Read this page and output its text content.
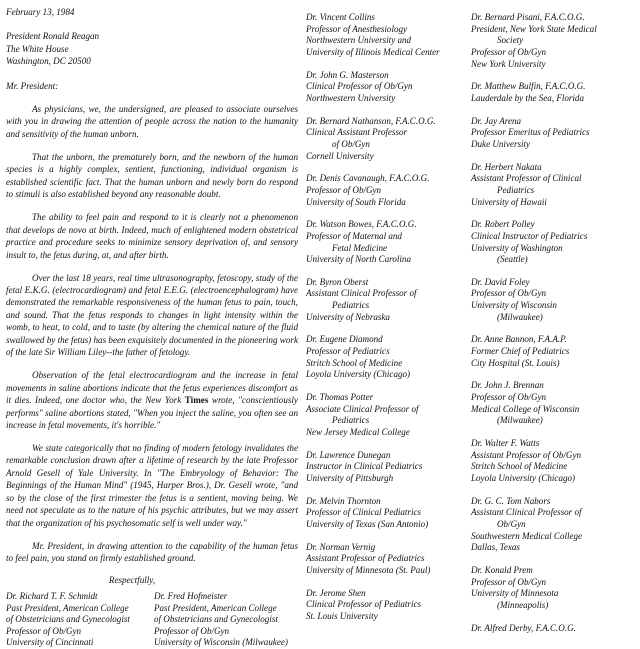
February 13, 1984

President Ronald Reagan
The White House
Washington, DC 20500

Mr. President:

As physicians, we, the undersigned, are pleased to associate ourselves with you in drawing the attention of people across the nation to the humanity and sensitivity of the human unborn.

That the unborn, the prematurely born, and the newborn of the human species is a highly complex, sentient, functioning, individual organism is established scientific fact. That the human unborn and newly born do respond to stimuli is also established beyond any reasonable doubt.

The ability to feel pain and respond to it is clearly not a phenomenon that develops de novo at birth. Indeed, much of enlightened modern obstetrical practice and procedure seeks to minimize sensory deprivation of, and sensory insult to, the fetus during, at, and after birth.

Over the last 18 years, real time ultrasonography, fetoscopy, study of the fetal E.K.G. (electrocardiogram) and fetal E.E.G. (electroencephalogram) have demonstrated the remarkable responsiveness of the human fetus to pain, touch, and sound. That the fetus responds to changes in light intensity within the womb, to heat, to cold, and to taste (by altering the chemical nature of the fluid swallowed by the fetus) has been exquisitely documented in the pioneering work of the late Sir William Liley--the father of fetology.

Observation of the fetal electrocardiogram and the increase in fetal movements in saline abortions indicate that the fetus experiences discomfort as it dies. Indeed, one doctor who, the New York Times wrote, "conscientiously performs" saline abortions stated, "When you inject the saline, you often see an increase in fetal movements, it's horrible."

We state categorically that no finding of modern fetology invalidates the remarkable conclusion drawn after a lifetime of research by the late Professor Arnold Gesell of Yale University. In "The Embryology of Behavior: The Beginnings of the Human Mind" (1945, Harper Bros.), Dr. Gesell wrote, "and so by the close of the first trimester the fetus is a sentient, moving being. We need not speculate as to the nature of his psychic attributes, but we may assert that the organization of his psychosomatic self is well under way."

Mr. President, in drawing attention to the capability of the human fetus to feel pain, you stand on firmly established ground.

Respectfully,

Dr. Richard T. F. Schmidt
Past President, American College
of Obstetricians and Gynecologist
Professor of Ob/Gyn
University of Cincinnati
Dr. Fred Hofmeister
Past President, American College
of Obstetricians and Gynecologist
Professor of Ob/Gyn
University of Wisconsin (Milwaukee)
Dr. Vincent Collins
Professor of Anesthesiology
Northwestern University and
University of Illinois Medical Center
Dr. John G. Masterson
Clinical Professor of Ob/Gyn
Northwestern University
Dr. Bernard Nathanson, F.A.C.O.G.
Clinical Assistant Professor
of Ob/Gyn
Cornell University
Dr. Denis Cavanaugh, F.A.C.O.G.
Professor of Ob/Gyn
University of South Florida
Dr. Watson Bowes, F.A.C.O.G.
Professor of Maternal and
Fetal Medicine
University of North Carolina
Dr. Byron Oberst
Assistant Clinical Professor of
Pediatrics
University of Nebraska
Dr. Eugene Diamond
Professor of Pediatrics
Stritch School of Medicine
Loyola University (Chicago)
Dr. Thomas Potter
Associate Clinical Professor of
Pediatrics
New Jersey Medical College
Dr. Lawrence Dunegan
Instructor in Clinical Pediatrics
University of Pittsburgh
Dr. Melvin Thornton
Professor of Clinical Pediatrics
University of Texas (San Antonio)
Dr. Norman Vernig
Assistant Professor of Pediatrics
University of Minnesota (St. Paul)
Dr. Jerome Shen
Clinical Professor of Pediatrics
St. Louis University
Dr. Bernard Pisani, F.A.C.O.G.
President, New York State Medical
Society
Professor of Ob/Gyn
New York University
Dr. Matthew Bulfin, F.A.C.O.G.
Lauderdale by the Sea, Florida
Dr. Jay Arena
Professor Emeritus of Pediatrics
Duke University
Dr. Herbert Nakata
Assistant Professor of Clinical
Pediatrics
University of Hawaii
Dr. Robert Polley
Clinical Instructor of Pediatrics
University of Washington
(Seattle)
Dr. David Foley
Professor of Ob/Gyn
University of Wisconsin
(Milwaukee)
Dr. Anne Bannon, F.A.A.P.
Former Chief of Pediatrics
City Hospital (St. Louis)
Dr. John J. Brennan
Professor of Ob/Gyn
Medical College of Wisconsin
(Milwaukee)
Dr. Walter F. Watts
Assistant Professor of Ob/Gyn
Stritch School of Medicine
Loyola University (Chicago)
Dr. G. C. Tom Nabors
Assistant Clinical Professor of
Ob/Gyn
Southwestern Medical College
Dallas, Texas
Dr. Konald Prem
Professor of Ob/Gyn
University of Minnesota
(Minneapolis)
Dr. Alfred Derby, F.A.C.O.G.
